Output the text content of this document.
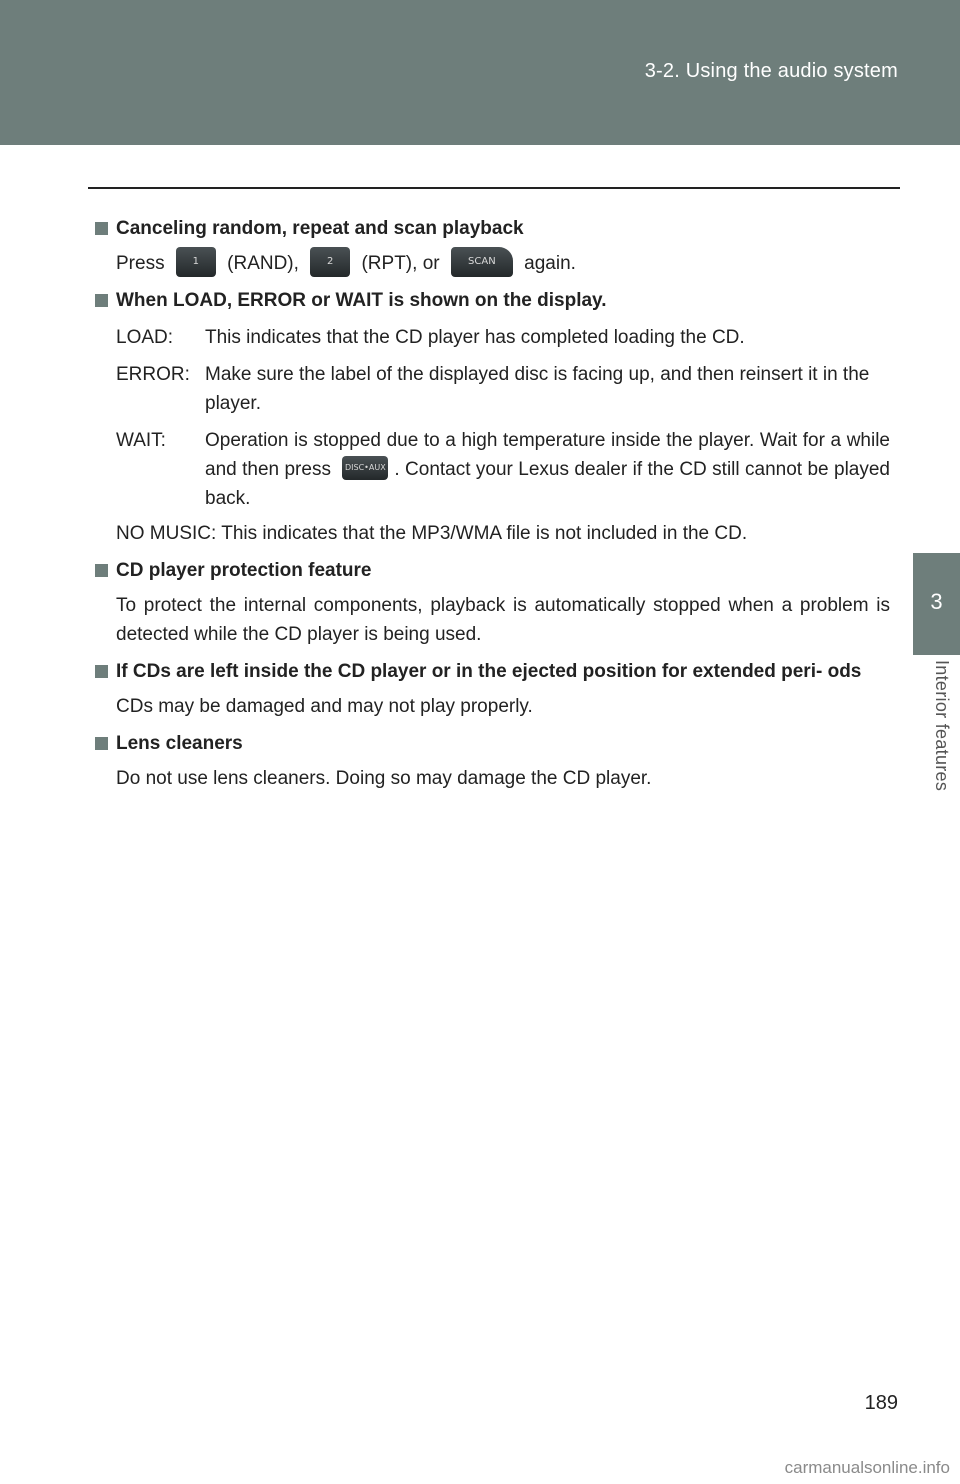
3-2. Using the audio system
3
Interior features
Canceling random, repeat and scan playback
Press	1 (RAND),	2 (RPT), or	SCAN again.
When LOAD, ERROR or WAIT is shown on the display.
LOAD:	This indicates that the CD player has completed loading the CD.
ERROR: Make sure the label of the displayed disc is facing up, and then reinsert it in the player.
WAIT:	Operation is stopped due to a high temperature inside the player. Wait for a while and then press DISC•AUX . Contact your Lexus dealer if the CD still cannot be played back.
NO MUSIC: This indicates that the MP3/WMA file is not included in the CD.
CD player protection feature
To protect the internal components, playback is automatically stopped when a problem is detected while the CD player is being used.
If CDs are left inside the CD player or in the ejected position for extended peri- ods
CDs may be damaged and may not play properly.
Lens cleaners
Do not use lens cleaners. Doing so may damage the CD player.
189
carmanualsonline.info
